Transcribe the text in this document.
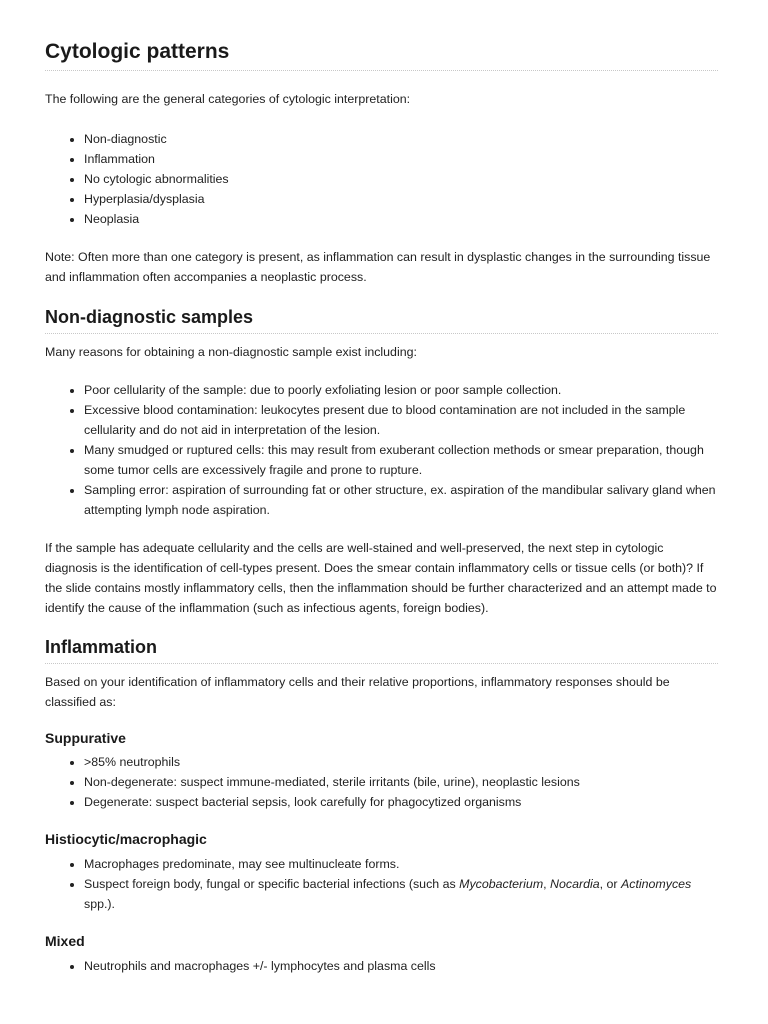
Cytologic patterns

The following are the general categories of cytologic interpretation:

• Non-diagnostic
• Inflammation
• No cytologic abnormalities
• Hyperplasia/dysplasia
• Neoplasia

Note: Often more than one category is present, as inflammation can result in dysplastic changes in the surrounding tissue and inflammation often accompanies a neoplastic process.

Non-diagnostic samples

Many reasons for obtaining a non-diagnostic sample exist including:

• Poor cellularity of the sample: due to poorly exfoliating lesion or poor sample collection.
• Excessive blood contamination: leukocytes present due to blood contamination are not included in the sample cellularity and do not aid in interpretation of the lesion.
• Many smudged or ruptured cells: this may result from exuberant collection methods or smear preparation, though some tumor cells are excessively fragile and prone to rupture.
• Sampling error: aspiration of surrounding fat or other structure, ex. aspiration of the mandibular salivary gland when attempting lymph node aspiration.

If the sample has adequate cellularity and the cells are well-stained and well-preserved, the next step in cytologic diagnosis is the identification of cell-types present. Does the smear contain inflammatory cells or tissue cells (or both)? If the slide contains mostly inflammatory cells, then the inflammation should be further characterized and an attempt made to identify the cause of the inflammation (such as infectious agents, foreign bodies).

Inflammation

Based on your identification of inflammatory cells and their relative proportions, inflammatory responses should be classified as:

Suppurative
• >85% neutrophils
• Non-degenerate: suspect immune-mediated, sterile irritants (bile, urine), neoplastic lesions
• Degenerate: suspect bacterial sepsis, look carefully for phagocytized organisms
Histiocytic/macrophagic
• Macrophages predominate, may see multinucleate forms.
• Suspect foreign body, fungal or specific bacterial infections (such as Mycobacterium, Nocardia, or Actinomyces spp.).
Mixed
• Neutrophils and macrophages +/- lymphocytes and plasma cells
